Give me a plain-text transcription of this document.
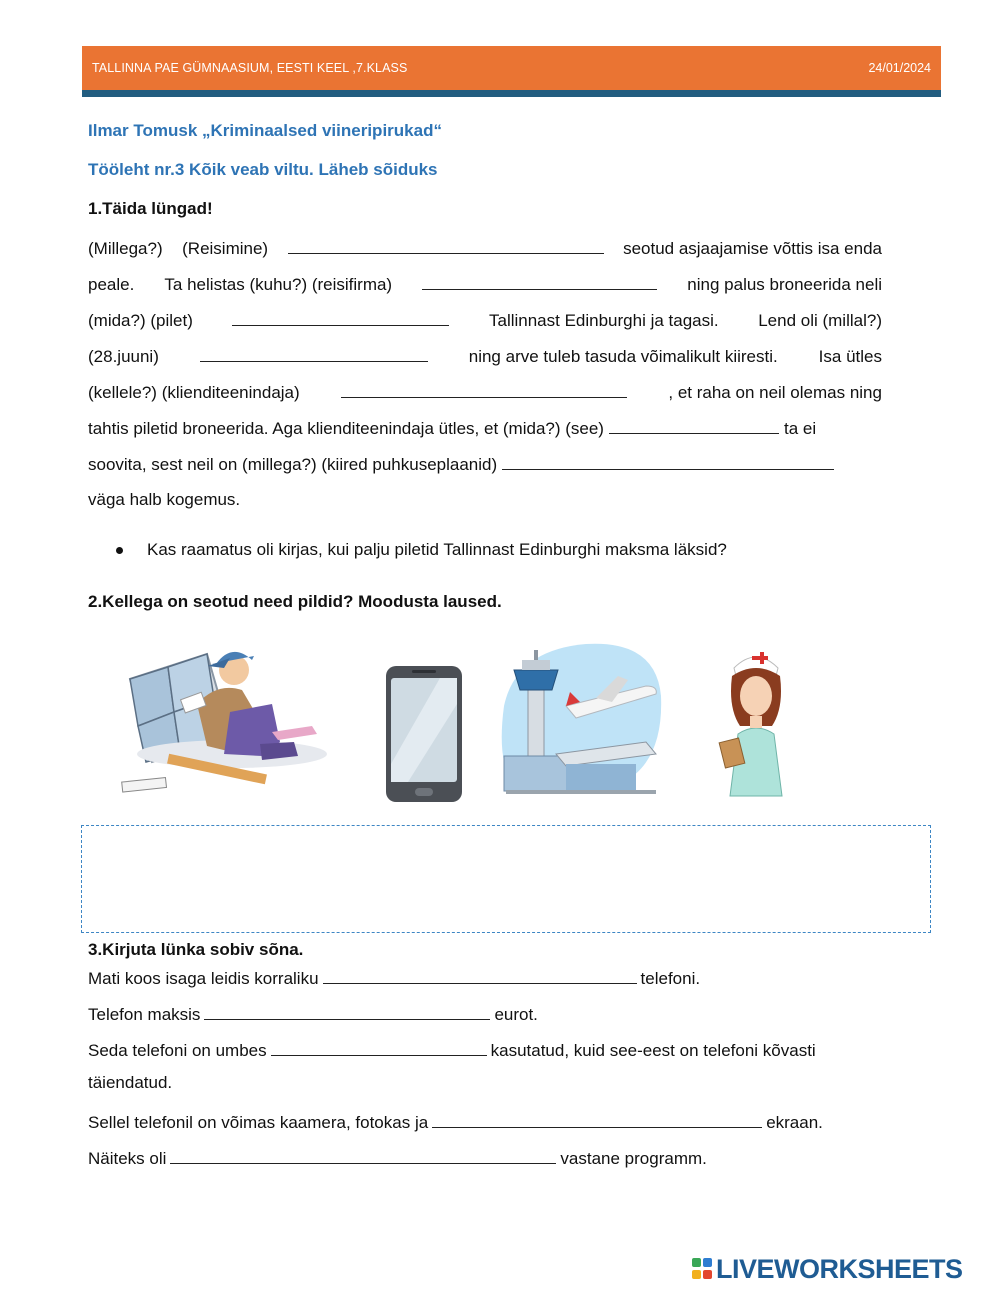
TALLINNA PAE GÜMNAASIUM, EESTI KEEL ,7.KLASS	24/01/2024
Ilmar Tomusk „Kriminaalsed viineripirukad“
Tööleht nr.3 Kõik veab viltu. Läheb sõiduks
1.Täida lüngad!
(Millega?) (Reisimine)	seotud asjaajamise võttis isa enda
peale. Ta helistas (kuhu?) (reisifirma)	ning palus broneerida neli
(mida?) (pilet)	Tallinnast Edinburghi ja tagasi. Lend oli (millal?)
(28.juuni)	ning arve tuleb tasuda võimalikult kiiresti. Isa ütles
(kellele?) (klienditeenindaja)	, et raha on neil olemas ning
tahtis piletid broneerida. Aga klienditeenindaja ütles, et (mida?) (see)	ta ei
soovita, sest neil on (millega?) (kiired puhkuseplaanid)
väga halb kogemus.
Kas raamatus oli kirjas, kui palju piletid Tallinnast Edinburghi maksma läksid?
2.Kellega on seotud need pildid? Moodusta laused.
3.Kirjuta lünka sobiv sõna.
Mati koos isaga leidis korraliku	telefoni.
Telefon maksis	eurot.
Seda telefoni on umbes	kasutatud, kuid see-eest on telefoni kõvasti
täiendatud.
Sellel telefonil on võimas kaamera, fotokas ja	ekraan.
Näiteks oli	vastane programm.
LIVEWORKSHEETS
